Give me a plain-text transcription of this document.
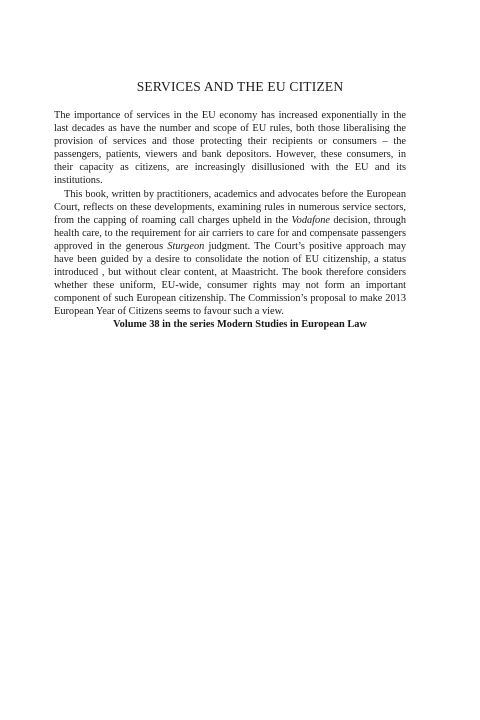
SERVICES AND THE EU CITIZEN

The importance of services in the EU economy has increased exponentially in the last decades as have the number and scope of EU rules, both those liberalising the provision of services and those protecting their recipients or consumers – the passengers, patients, viewers and bank depositors. However, these consumers, in their capacity as citizens, are increasingly disillusioned with the EU and its institutions.

This book, written by practitioners, academics and advocates before the European Court, reflects on these developments, examining rules in numerous service sectors, from the capping of roaming call charges upheld in the Vodafone decision, through health care, to the requirement for air carriers to care for and compensate passengers approved in the generous Sturgeon judgment. The Court’s positive approach may have been guided by a desire to consolidate the notion of EU citizenship, a status introduced , but without clear content, at Maastricht. The book therefore considers whether these uniform, EU-wide, consumer rights may not form an important component of such European citizenship. The Commission’s proposal to make 2013 European Year of Citizens seems to favour such a view.

Volume 38 in the series Modern Studies in European Law
